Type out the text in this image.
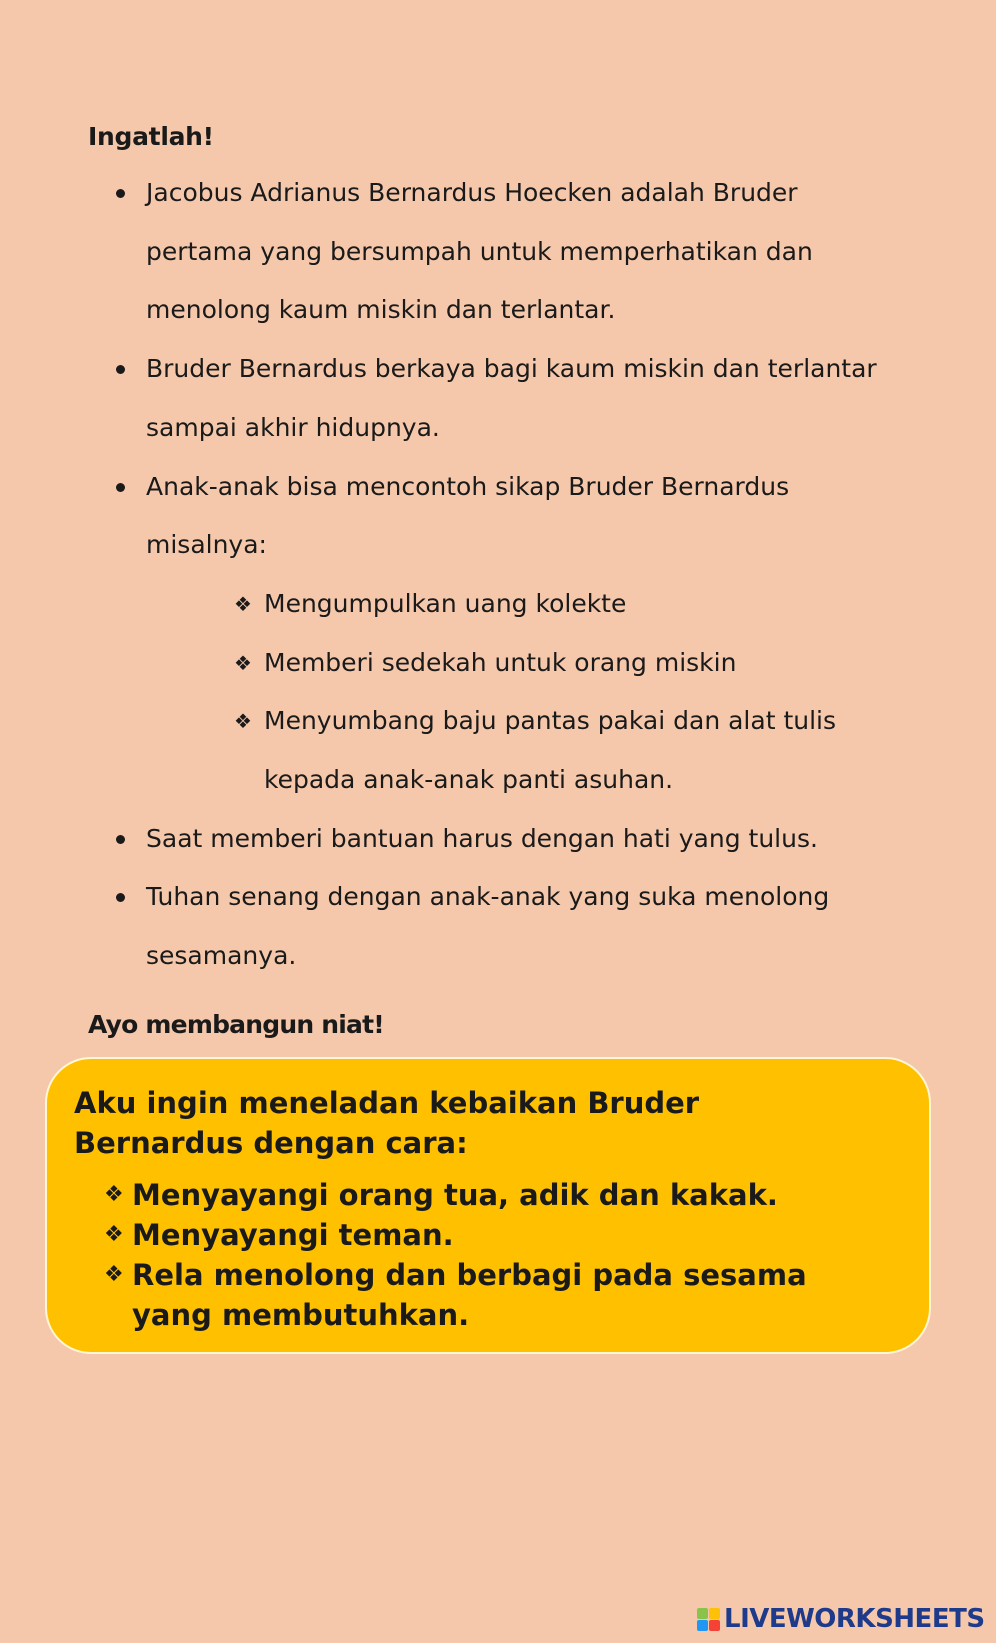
Ingatlah!
Jacobus Adrianus Bernardus Hoecken adalah Bruder
pertama yang bersumpah untuk memperhatikan dan
menolong kaum miskin dan terlantar.
Bruder Bernardus berkaya bagi kaum miskin dan terlantar
sampai akhir hidupnya.
Anak-anak bisa mencontoh sikap Bruder Bernardus
misalnya:
❖ Mengumpulkan uang kolekte
❖ Memberi sedekah untuk orang miskin
❖ Menyumbang baju pantas pakai dan alat tulis
kepada anak-anak panti asuhan.
Saat memberi bantuan harus dengan hati yang tulus.
Tuhan senang dengan anak-anak yang suka menolong
sesamanya.
Ayo membangun niat!
Aku ingin meneladan kebaikan Bruder
Bernardus dengan cara:
❖ Menyayangi orang tua, adik dan kakak.
❖ Menyayangi teman.
❖ Rela menolong dan berbagi pada sesama
yang membutuhkan.
LIVEWORKSHEETS
